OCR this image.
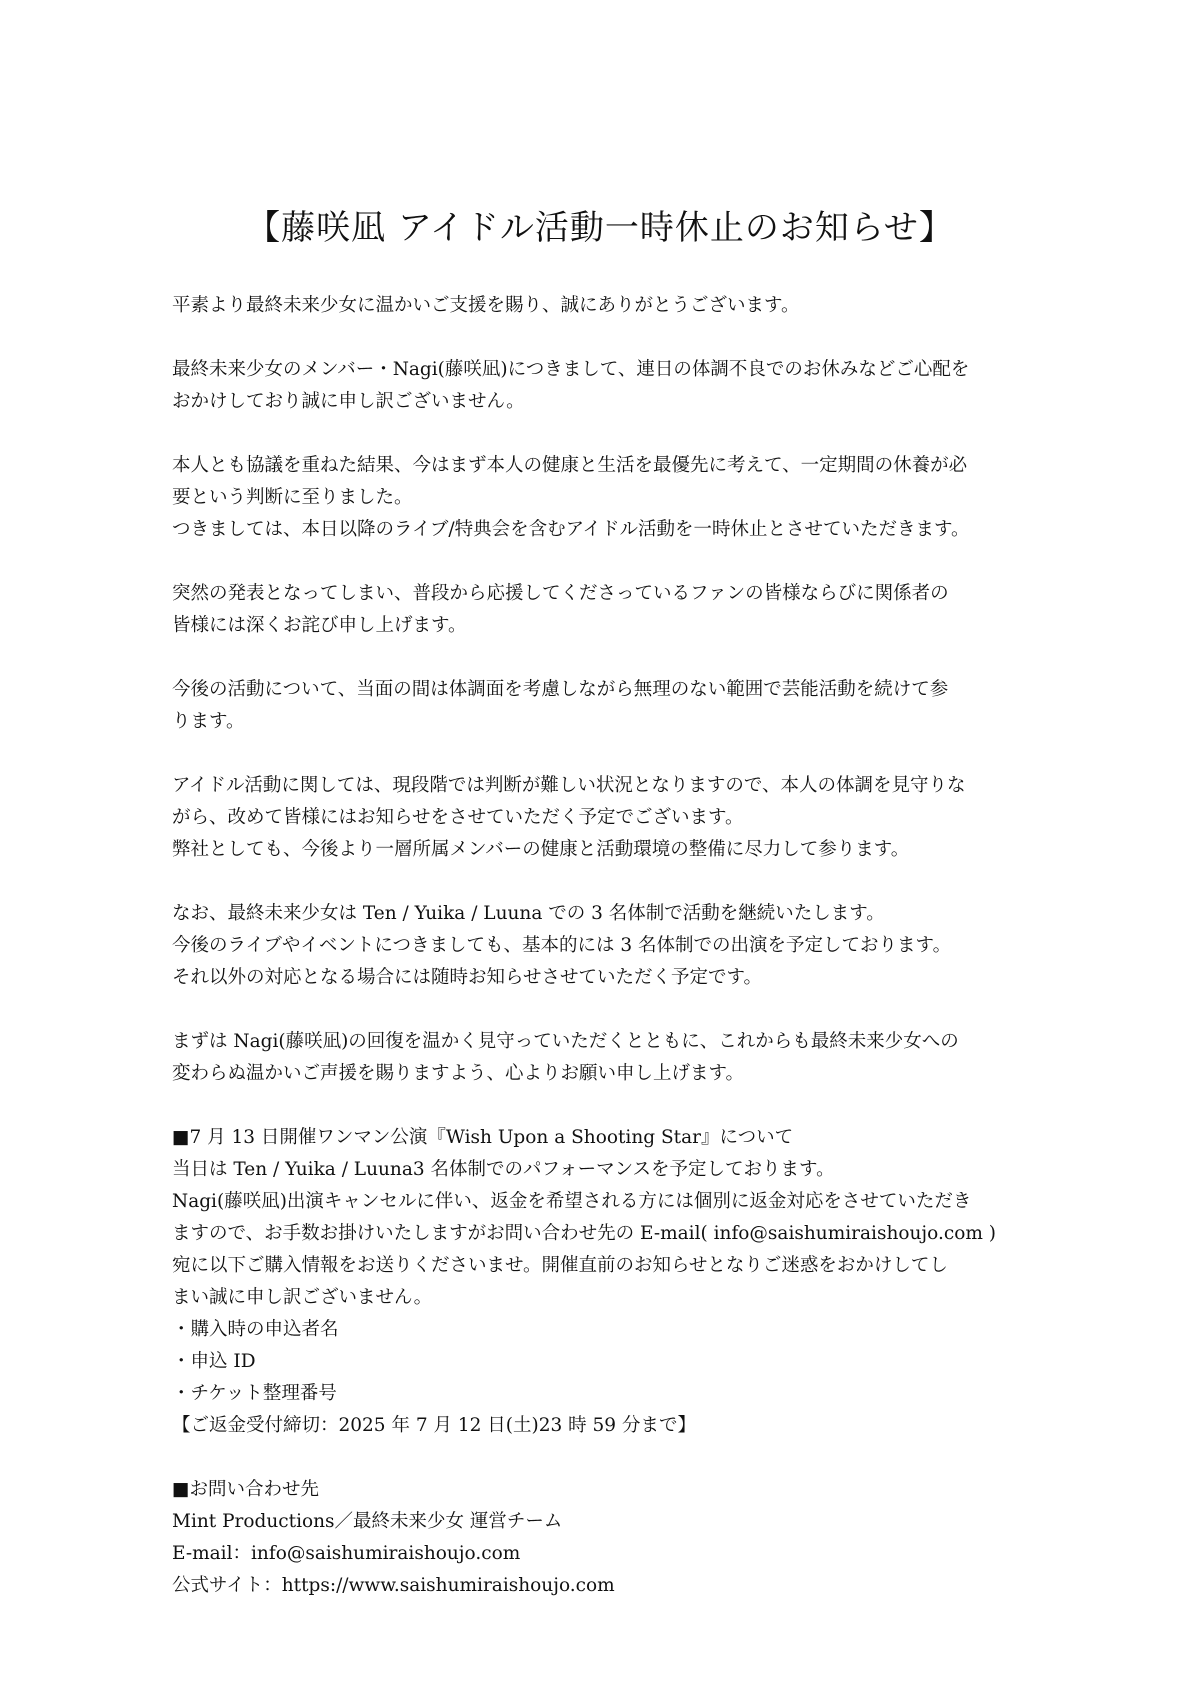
【藤咲凪 アイドル活動一時休止のお知らせ】
平素より最終未来少女に温かいご支援を賜り、誠にありがとうございます。
最終未来少女のメンバー・Nagi(藤咲凪)につきまして、連日の体調不良でのお休みなどご心配を
おかけしており誠に申し訳ございません。
本人とも協議を重ねた結果、今はまず本人の健康と生活を最優先に考えて、一定期間の休養が必
要という判断に至りました。
つきましては、本日以降のライブ/特典会を含むアイドル活動を一時休止とさせていただきます。
突然の発表となってしまい、普段から応援してくださっているファンの皆様ならびに関係者の
皆様には深くお詫び申し上げます。
今後の活動について、当面の間は体調面を考慮しながら無理のない範囲で芸能活動を続けて参
ります。
アイドル活動に関しては、現段階では判断が難しい状況となりますので、本人の体調を見守りな
がら、改めて皆様にはお知らせをさせていただく予定でございます。
弊社としても、今後より一層所属メンバーの健康と活動環境の整備に尽力して参ります。
なお、最終未来少女は Ten / Yuika / Luuna での 3 名体制で活動を継続いたします。
今後のライブやイベントにつきましても、基本的には 3 名体制での出演を予定しております。
それ以外の対応となる場合には随時お知らせさせていただく予定です。
まずは Nagi(藤咲凪)の回復を温かく見守っていただくとともに、これからも最終未来少女への
変わらぬ温かいご声援を賜りますよう、心よりお願い申し上げます。
■7 月 13 日開催ワンマン公演『Wish Upon a Shooting Star』について
当日は Ten / Yuika / Luuna3 名体制でのパフォーマンスを予定しております。
Nagi(藤咲凪)出演キャンセルに伴い、返金を希望される方には個別に返金対応をさせていただき
ますので、お手数お掛けいたしますがお問い合わせ先の E-mail( info@saishumiraishoujo.com )
宛に以下ご購入情報をお送りくださいませ。開催直前のお知らせとなりご迷惑をおかけしてし
まい誠に申し訳ございません。
・購入時の申込者名
・申込 ID
・チケット整理番号
【ご返金受付締切：2025 年 7 月 12 日(土)23 時 59 分まで】
■お問い合わせ先
Mint Productions／最終未来少女 運営チーム
E-mail：info@saishumiraishoujo.com
公式サイト：https://www.saishumiraishoujo.com
